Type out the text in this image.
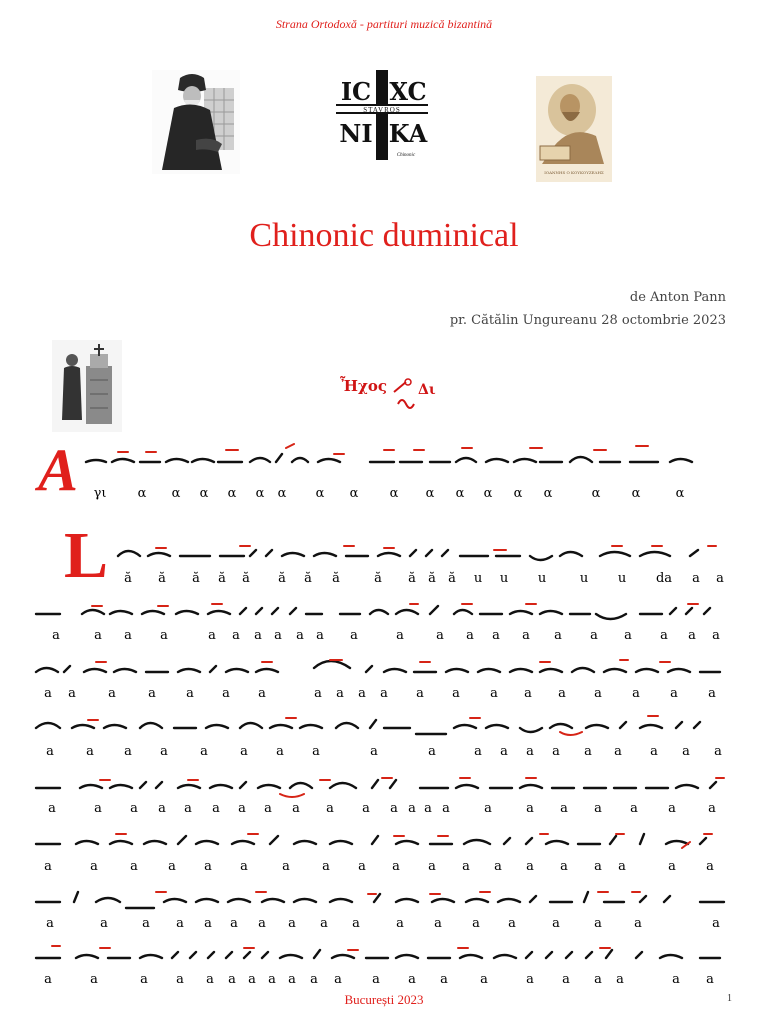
Strana Ortodoxă - partituri muzică bizantină
IC XC
STAVROS
NI KA
Chinonic
IOANNHS Ο ΚΟΥΚΟΥΖΕΛΗΣ
Chinonic duminical
de Anton Pann
pr. Cătălin Ungureanu 28 octombrie 2023
Ἦχος Δι
A
L
γι α α α α α α α α α α α α α α	α α	α
ă ă ă ă ă ă ă ă	ă ă ă ă u u u	u u da a a
a	a a a	a a a a a a a	a a a a a a a a a a a
a a a a a a a	a a a a a a a a a a a a a
a a a a a a a a	a	a	a a a a a a a a a
a	a a a a a a a a a a a a a a	a	a a a a a a
a	a a a a a	a a a a a a a a a a a	a a
a	a	a a a a a a a a	a a a a	a	a a	a
a	a	a a a a a a a a a a a a a	a a a a	a a
București 2023	1
